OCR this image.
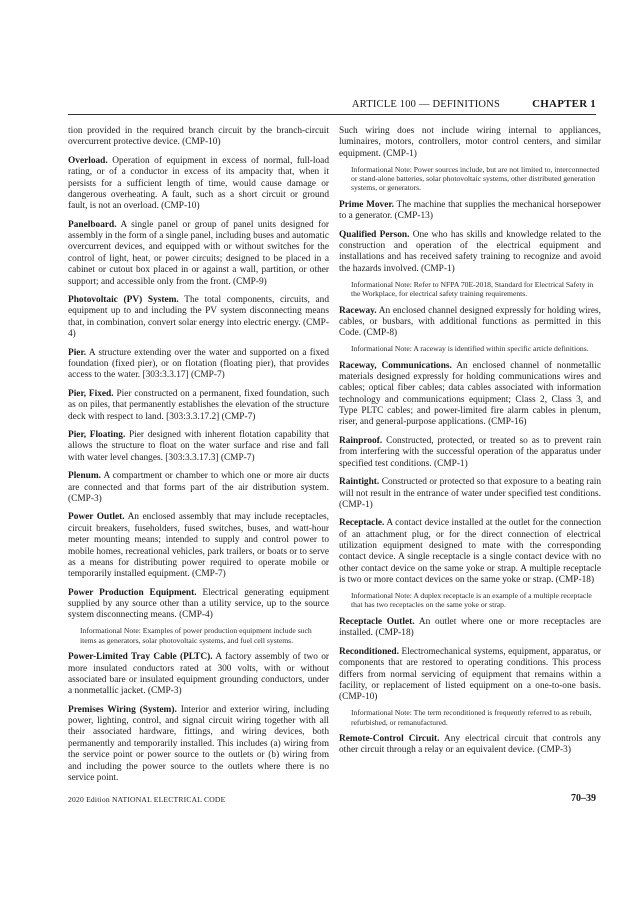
ARTICLE 100 — DEFINITIONS	CHAPTER 1

tion provided in the required branch circuit by the branch-circuit overcurrent protective device. (CMP-10)

Overload. Operation of equipment in excess of normal, full-load rating, or of a conductor in excess of its ampacity that, when it persists for a sufficient length of time, would cause damage or dangerous overheating. A fault, such as a short circuit or ground fault, is not an overload. (CMP-10)

Panelboard. A single panel or group of panel units designed for assembly in the form of a single panel, including buses and automatic overcurrent devices, and equipped with or without switches for the control of light, heat, or power circuits; designed to be placed in a cabinet or cutout box placed in or against a wall, partition, or other support; and accessible only from the front. (CMP-9)

Photovoltaic (PV) System. The total components, circuits, and equipment up to and including the PV system disconnecting means that, in combination, convert solar energy into electric energy. (CMP-4)

Pier. A structure extending over the water and supported on a fixed foundation (fixed pier), or on flotation (floating pier), that provides access to the water. [303:3.3.17] (CMP-7)

Pier, Fixed. Pier constructed on a permanent, fixed foundation, such as on piles, that permanently establishes the elevation of the structure deck with respect to land. [303:3.3.17.2] (CMP-7)

Pier, Floating. Pier designed with inherent flotation capability that allows the structure to float on the water surface and rise and fall with water level changes. [303:3.3.17.3] (CMP-7)

Plenum. A compartment or chamber to which one or more air ducts are connected and that forms part of the air distribution system. (CMP-3)

Power Outlet. An enclosed assembly that may include receptacles, circuit breakers, fuseholders, fused switches, buses, and watt-hour meter mounting means; intended to supply and control power to mobile homes, recreational vehicles, park trailers, or boats or to serve as a means for distributing power required to operate mobile or temporarily installed equipment. (CMP-7)

Power Production Equipment. Electrical generating equipment supplied by any source other than a utility service, up to the source system disconnecting means. (CMP-4)

Informational Note: Examples of power production equipment include such items as generators, solar photovoltaic systems, and fuel cell systems.

Power-Limited Tray Cable (PLTC). A factory assembly of two or more insulated conductors rated at 300 volts, with or without associated bare or insulated equipment grounding conductors, under a nonmetallic jacket. (CMP-3)

Premises Wiring (System). Interior and exterior wiring, including power, lighting, control, and signal circuit wiring together with all their associated hardware, fittings, and wiring devices, both permanently and temporarily installed. This includes (a) wiring from the service point or power source to the outlets or (b) wiring from and including the power source to the outlets where there is no service point.

Such wiring does not include wiring internal to appliances, luminaires, motors, controllers, motor control centers, and similar equipment. (CMP-1)

Informational Note: Power sources include, but are not limited to, interconnected or stand-alone batteries, solar photovoltaic systems, other distributed generation systems, or generators.

Prime Mover. The machine that supplies the mechanical horsepower to a generator. (CMP-13)

Qualified Person. One who has skills and knowledge related to the construction and operation of the electrical equipment and installations and has received safety training to recognize and avoid the hazards involved. (CMP-1)

Informational Note: Refer to NFPA 70E-2018, Standard for Electrical Safety in the Workplace, for electrical safety training requirements.

Raceway. An enclosed channel designed expressly for holding wires, cables, or busbars, with additional functions as permitted in this Code. (CMP-8)

Informational Note: A raceway is identified within specific article definitions.

Raceway, Communications. An enclosed channel of nonmetallic materials designed expressly for holding communications wires and cables; optical fiber cables; data cables associated with information technology and communications equipment; Class 2, Class 3, and Type PLTC cables; and power-limited fire alarm cables in plenum, riser, and general-purpose applications. (CMP-16)

Rainproof. Constructed, protected, or treated so as to prevent rain from interfering with the successful operation of the apparatus under specified test conditions. (CMP-1)

Raintight. Constructed or protected so that exposure to a beating rain will not result in the entrance of water under specified test conditions. (CMP-1)

Receptacle. A contact device installed at the outlet for the connection of an attachment plug, or for the direct connection of electrical utilization equipment designed to mate with the corresponding contact device. A single receptacle is a single contact device with no other contact device on the same yoke or strap. A multiple receptacle is two or more contact devices on the same yoke or strap. (CMP-18)

Informational Note: A duplex receptacle is an example of a multiple receptacle that has two receptacles on the same yoke or strap.

Receptacle Outlet. An outlet where one or more receptacles are installed. (CMP-18)

Reconditioned. Electromechanical systems, equipment, apparatus, or components that are restored to operating conditions. This process differs from normal servicing of equipment that remains within a facility, or replacement of listed equipment on a one-to-one basis. (CMP-10)

Informational Note: The term reconditioned is frequently referred to as rebuilt, refurbished, or remanufactured.

Remote-Control Circuit. Any electrical circuit that controls any other circuit through a relay or an equivalent device. (CMP-3)

2020 Edition NATIONAL ELECTRICAL CODE	70–39
